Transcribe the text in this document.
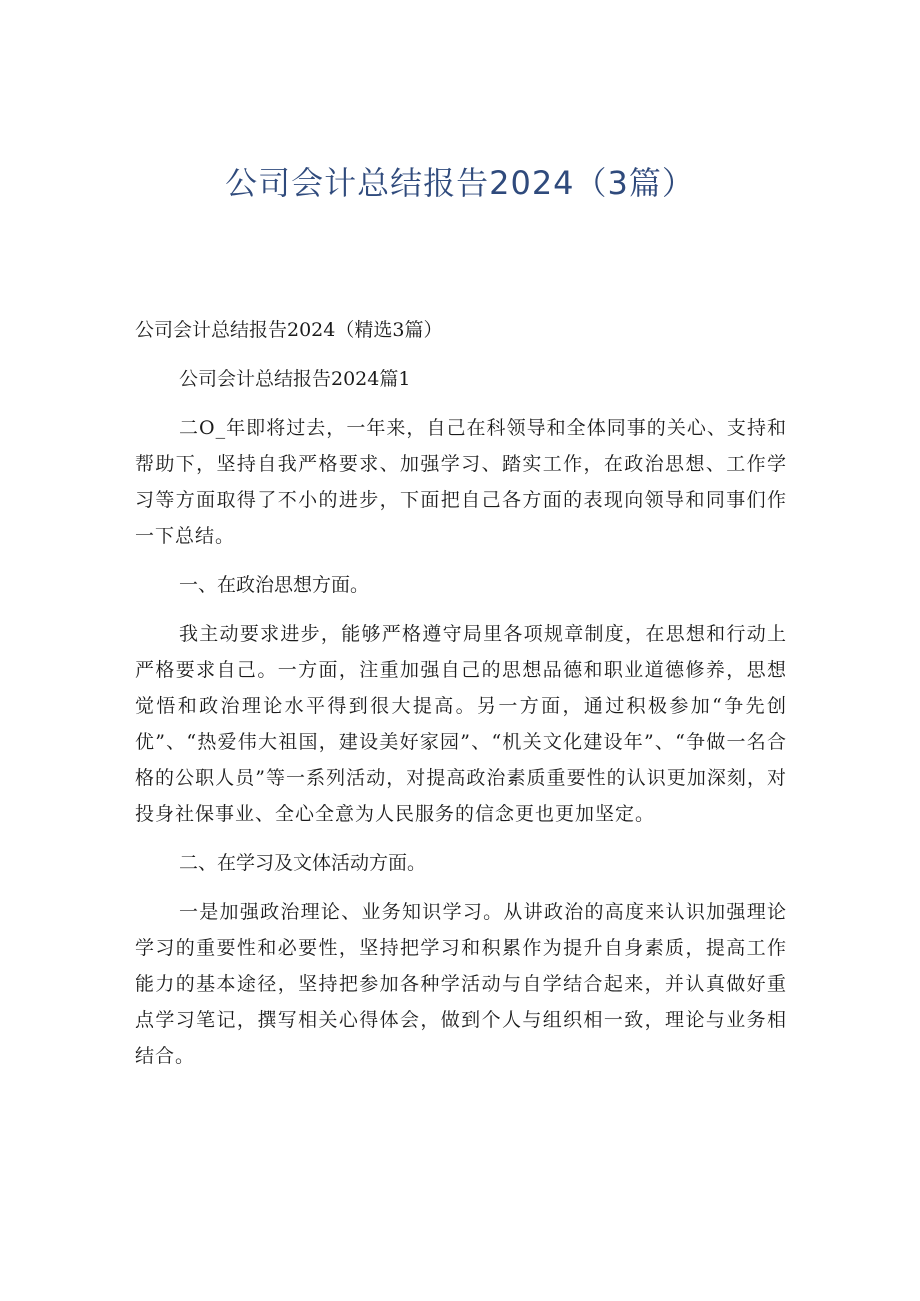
公司会计总结报告2024（3篇）

公司会计总结报告2024（精选3篇）

公司会计总结报告2024篇1

二O_年即将过去，一年来，自己在科领导和全体同事的关心、支持和帮助下，坚持自我严格要求、加强学习、踏实工作，在政治思想、工作学习等方面取得了不小的进步，下面把自己各方面的表现向领导和同事们作一下总结。

一、在政治思想方面。

我主动要求进步，能够严格遵守局里各项规章制度，在思想和行动上严格要求自己。一方面，注重加强自己的思想品德和职业道德修养，思想觉悟和政治理论水平得到很大提高。另一方面，通过积极参加“争先创优”、“热爱伟大祖国，建设美好家园”、“机关文化建设年”、“争做一名合格的公职人员”等一系列活动，对提高政治素质重要性的认识更加深刻，对投身社保事业、全心全意为人民服务的信念更也更加坚定。

二、在学习及文体活动方面。

一是加强政治理论、业务知识学习。从讲政治的高度来认识加强理论学习的重要性和必要性，坚持把学习和积累作为提升自身素质，提高工作能力的基本途径，坚持把参加各种学活动与自学结合起来，并认真做好重点学习笔记，撰写相关心得体会，做到个人与组织相一致，理论与业务相结合。
